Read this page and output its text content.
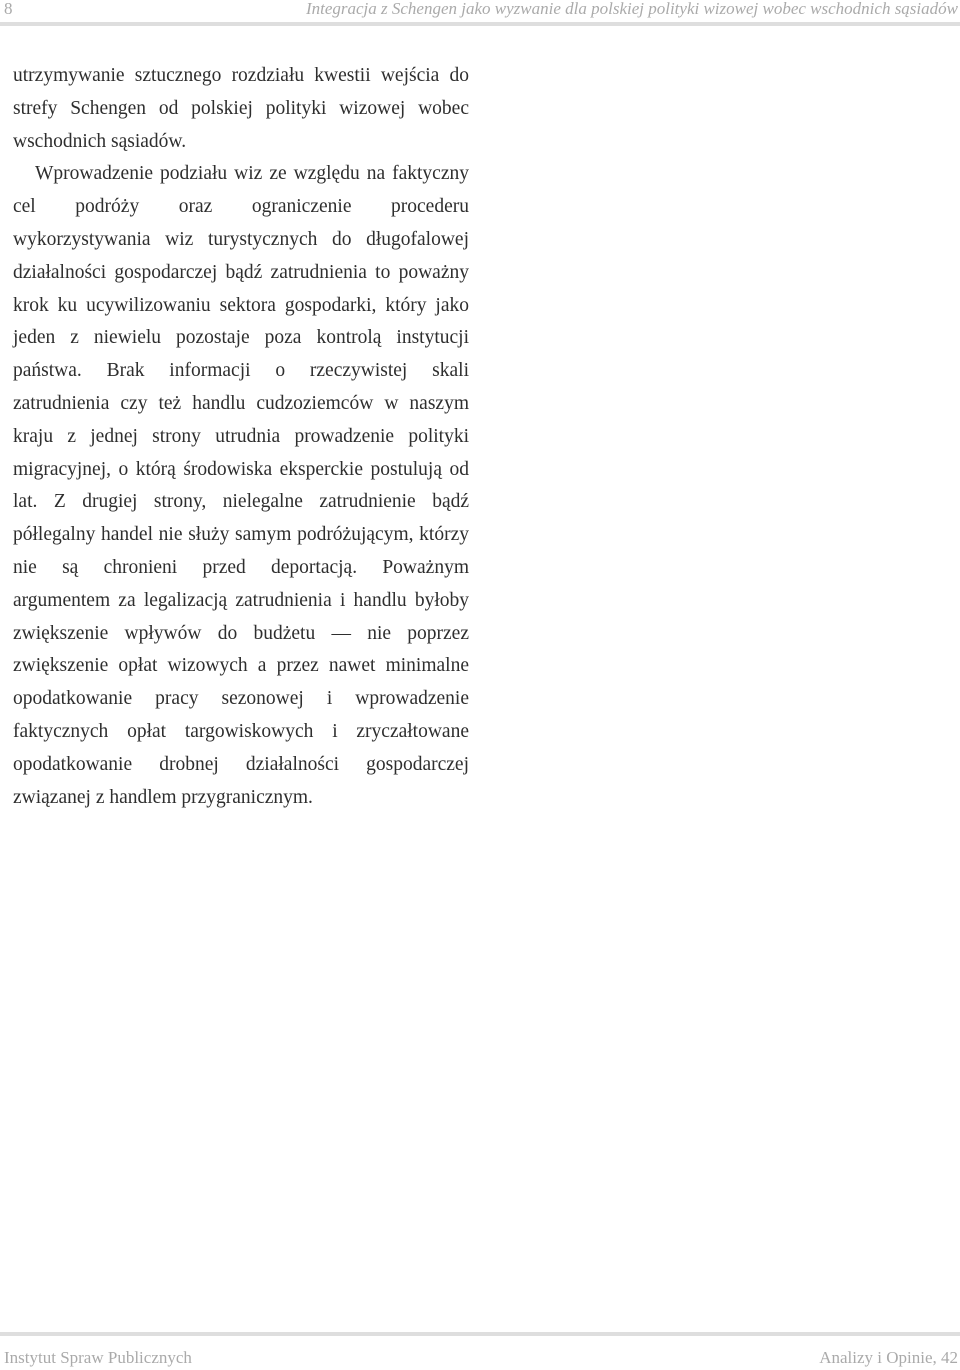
8	Integracja z Schengen jako wyzwanie dla polskiej polityki wizowej wobec wschodnich sąsiadów

utrzymywanie sztucznego rozdziału kwestii wejścia do strefy Schengen od polskiej polityki wizowej wobec wschodnich sąsiadów.

Wprowadzenie podziału wiz ze względu na faktyczny cel podróży oraz ograniczenie procederu wykorzystywania wiz turystycznych do długofalowej działalności gospodarczej bądź zatrudnienia to poważny krok ku ucywilizowaniu sektora gospodarki, który jako jeden z niewielu pozostaje poza kontrolą instytucji państwa. Brak informacji o rzeczywistej skali zatrudnienia czy też handlu cudzoziemców w naszym kraju z jednej strony utrudnia prowadzenie polityki migracyjnej, o którą środowiska eksperckie postulują od lat. Z drugiej strony, nielegalne zatrudnienie bądź półlegalny handel nie służy samym podróżującym, którzy nie są chronieni przed deportacją. Poważnym argumentem za legalizacją zatrudnienia i handlu byłoby zwiększenie wpływów do budżetu — nie poprzez zwiększenie opłat wizowych a przez nawet minimalne opodatkowanie pracy sezonowej i wprowadzenie faktycznych opłat targowiskowych i zryczałtowane opodatkowanie drobnej działalności gospodarczej związanej z handlem przygranicznym.

Instytut Spraw Publicznych	Analizy i Opinie, 42
